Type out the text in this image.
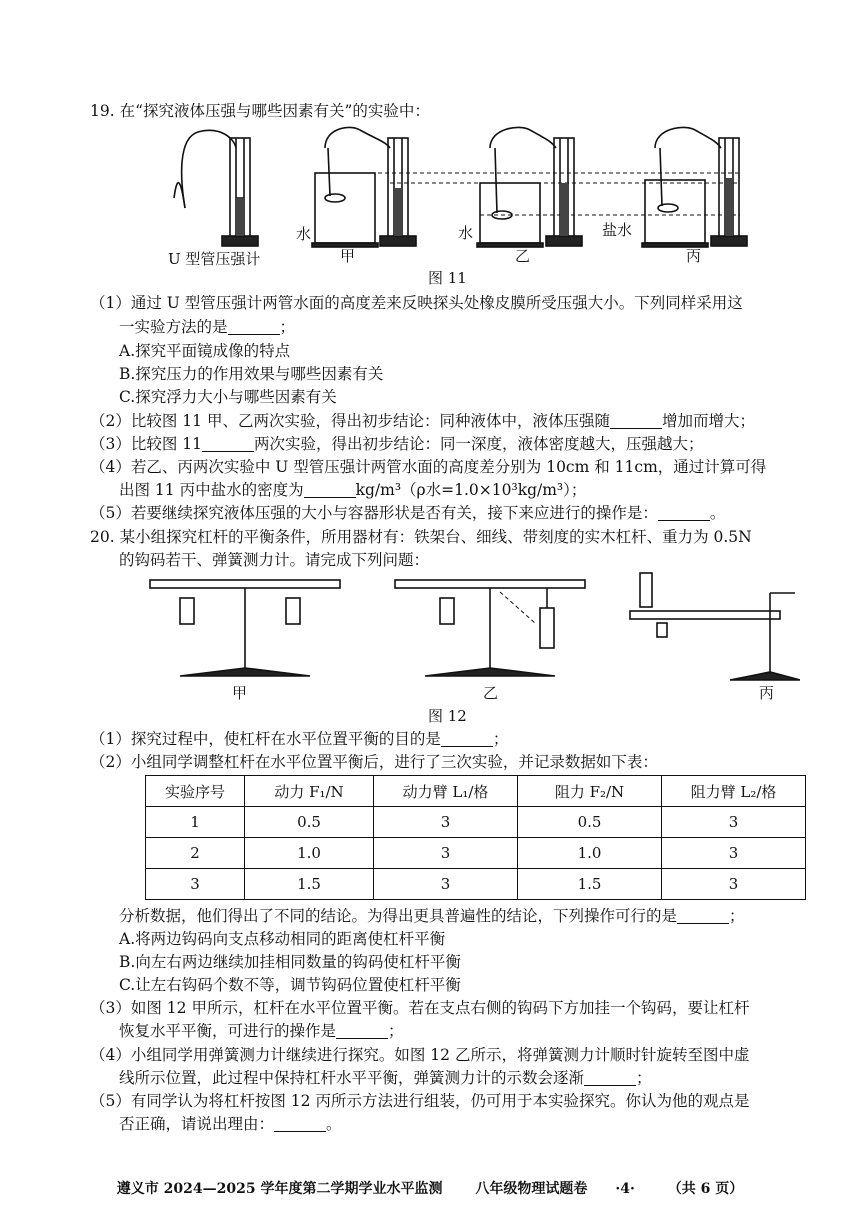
19. 在“探究液体压强与哪些因素有关”的实验中：
U 型管压强计
水
甲
水
乙
盐水
丙
图 11
（1）通过 U 型管压强计两管水面的高度差来反映探头处橡皮膜所受压强大小。下列同样采用这
一实验方法的是	；
A.探究平面镜成像的特点
B.探究压力的作用效果与哪些因素有关
C.探究浮力大小与哪些因素有关
（2）比较图 11 甲、乙两次实验，得出初步结论：同种液体中，液体压强随	增加而增大；
（3）比较图 11	两次实验，得出初步结论：同一深度，液体密度越大，压强越大；
（4）若乙、丙两次实验中 U 型管压强计两管水面的高度差分别为 10cm 和 11cm，通过计算可得
出图 11 丙中盐水的密度为	kg/m³（ρ水=1.0×10³kg/m³）；
（5）若要继续探究液体压强的大小与容器形状是否有关，接下来应进行的操作是：	。
20. 某小组探究杠杆的平衡条件，所用器材有：铁架台、细线、带刻度的实木杠杆、重力为 0.5N
的钩码若干、弹簧测力计。请完成下列问题：
甲	乙	丙
图 12
（1）探究过程中，使杠杆在水平位置平衡的目的是	；
（2）小组同学调整杠杆在水平位置平衡后，进行了三次实验，并记录数据如下表：
实验序号	动力 F₁/N	动力臂 L₁/格	阻力 F₂/N	阻力臂 L₂/格
1	0.5	3	0.5	3
2	1.0	3	1.0	3
3	1.5	3	1.5	3
分析数据，他们得出了不同的结论。为得出更具普遍性的结论，下列操作可行的是	；
A.将两边钩码向支点移动相同的距离使杠杆平衡
B.向左右两边继续加挂相同数量的钩码使杠杆平衡
C.让左右钩码个数不等，调节钩码位置使杠杆平衡
（3）如图 12 甲所示，杠杆在水平位置平衡。若在支点右侧的钩码下方加挂一个钩码，要让杠杆
恢复水平平衡，可进行的操作是	；
（4）小组同学用弹簧测力计继续进行探究。如图 12 乙所示，将弹簧测力计顺时针旋转至图中虚
线所示位置，此过程中保持杠杆水平平衡，弹簧测力计的示数会逐渐	；
（5）有同学认为将杠杆按图 12 丙所示方法进行组装，仍可用于本实验探究。你认为他的观点是
否正确，请说出理由：	。
遵义市 2024—2025 学年度第二学期学业水平监测 八年级物理试题卷 ·4· （共 6 页）
